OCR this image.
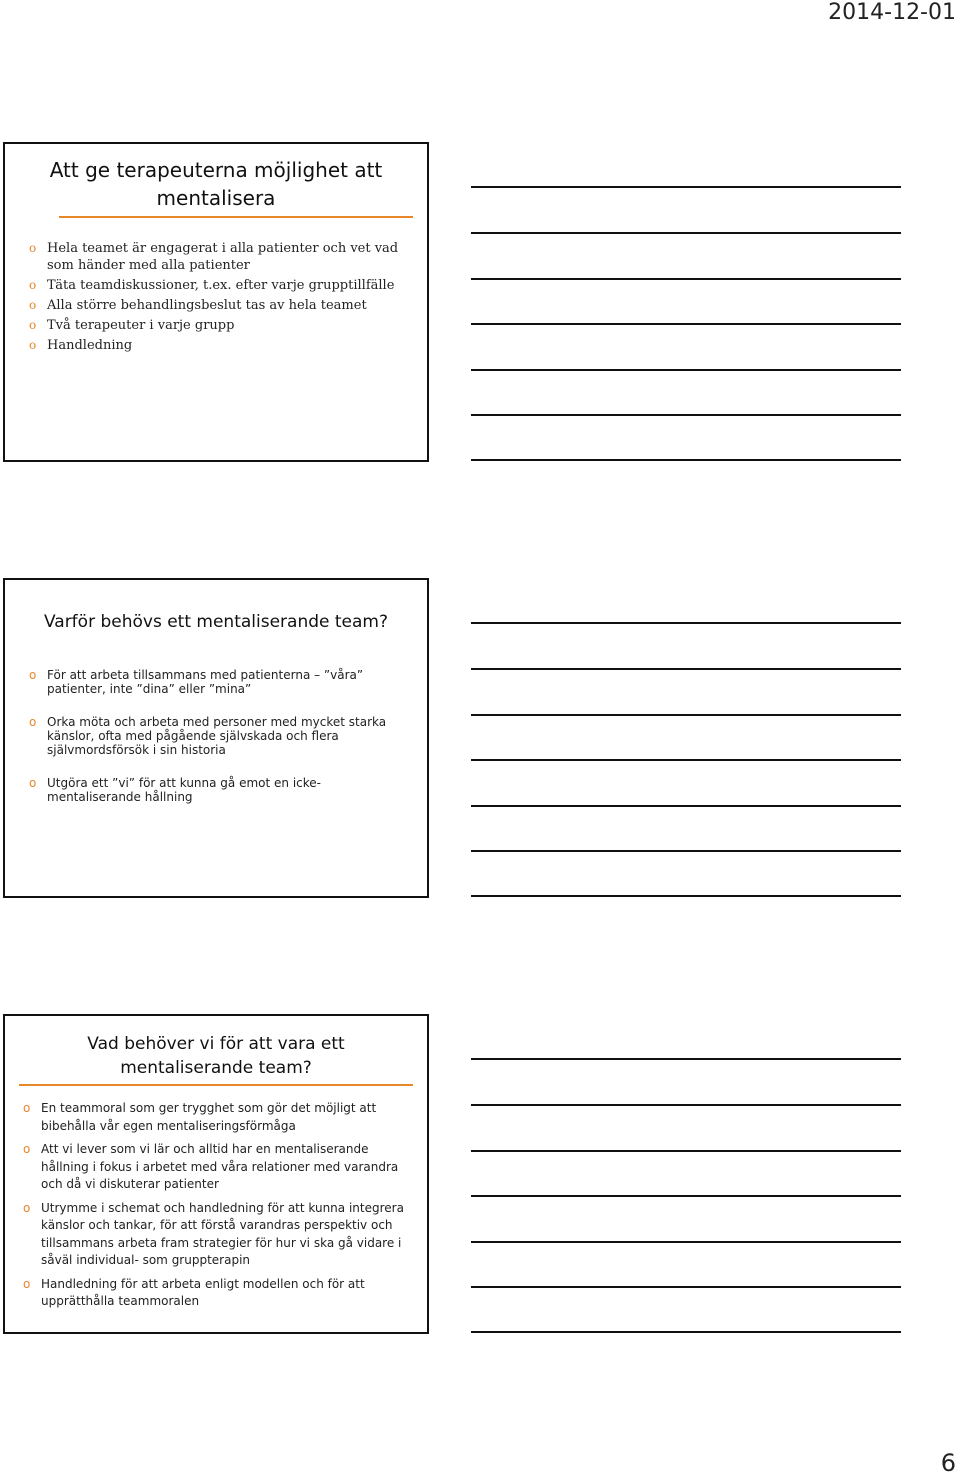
2014-12-01
Att ge terapeuterna möjlighet att mentalisera
o Hela teamet är engagerat i alla patienter och vet vad som händer med alla patienter
o Täta teamdiskussioner, t.ex. efter varje grupptillfälle
o Alla större behandlingsbeslut tas av hela teamet
o Två terapeuter i varje grupp
o Handledning
Varför behövs ett mentaliserande team?
o För att arbeta tillsammans med patienterna – ”våra” patienter, inte ”dina” eller ”mina”
o Orka möta och arbeta med personer med mycket starka känslor, ofta med pågående självskada och flera självmordsförsök i sin historia
o Utgöra ett ”vi” för att kunna gå emot en icke-mentaliserande hållning
Vad behöver vi för att vara ett mentaliserande team?
o En teammoral som ger trygghet som gör det möjligt att bibehålla vår egen mentaliseringsförmåga
o Att vi lever som vi lär och alltid har en mentaliserande hållning i fokus i arbetet med våra relationer med varandra och då vi diskuterar patienter
o Utrymme i schemat och handledning för att kunna integrera känslor och tankar, för att förstå varandras perspektiv och tillsammans arbeta fram strategier för hur vi ska gå vidare i såväl individual- som gruppterapin
o Handledning för att arbeta enligt modellen och för att upprätthålla teammoralen
6
